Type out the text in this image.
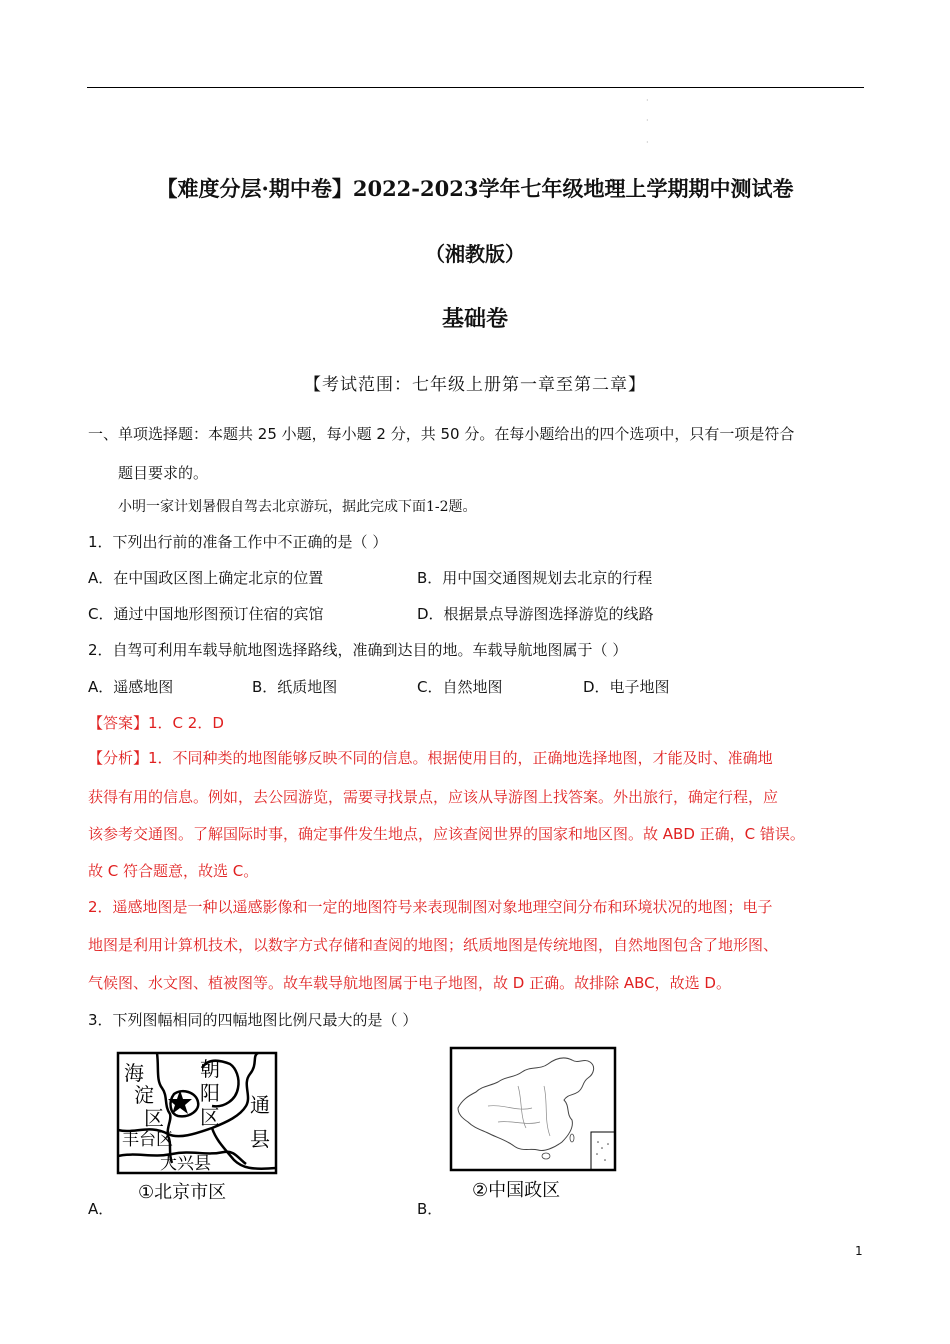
·
·
·
【难度分层·期中卷】2022-2023学年七年级地理上学期期中测试卷
（湘教版）
基础卷
【考试范围：七年级上册第一章至第二章】
一、单项选择题：本题共 25 小题，每小题 2 分，共 50 分。在每小题给出的四个选项中，只有一项是符合
题目要求的。
小明一家计划暑假自驾去北京游玩，据此完成下面1-2题。
1．下列出行前的准备工作中不正确的是（ ）
A．在中国政区图上确定北京的位置	B．用中国交通图规划去北京的行程
C．通过中国地形图预订住宿的宾馆	D．根据景点导游图选择游览的线路
2．自驾可利用车载导航地图选择路线，准确到达目的地。车载导航地图属于（ ）
A．遥感地图	B．纸质地图	C．自然地图	D．电子地图
【答案】1．C 2．D
【分析】1．不同种类的地图能够反映不同的信息。根据使用目的，正确地选择地图，才能及时、准确地
获得有用的信息。例如，去公园游览，需要寻找景点，应该从导游图上找答案。外出旅行，确定行程，应
该参考交通图。了解国际时事，确定事件发生地点，应该查阅世界的国家和地区图。故 ABD 正确，C 错误。
故 C 符合题意，故选 C。
2．遥感地图是一种以遥感影像和一定的地图符号来表现制图对象地理空间分布和环境状况的地图；电子
地图是利用计算机技术，以数字方式存储和查阅的地图；纸质地图是传统地图，自然地图包含了地形图、
气候图、水文图、植被图等。故车载导航地图属于电子地图，故 D 正确。故排除 ABC，故选 D。
3．下列图幅相同的四幅地图比例尺最大的是（ ）
海
淀
区
朝
阳
区 通
县
丰台区
大兴县
①北京市区	②中国政区
A．	B．
1
